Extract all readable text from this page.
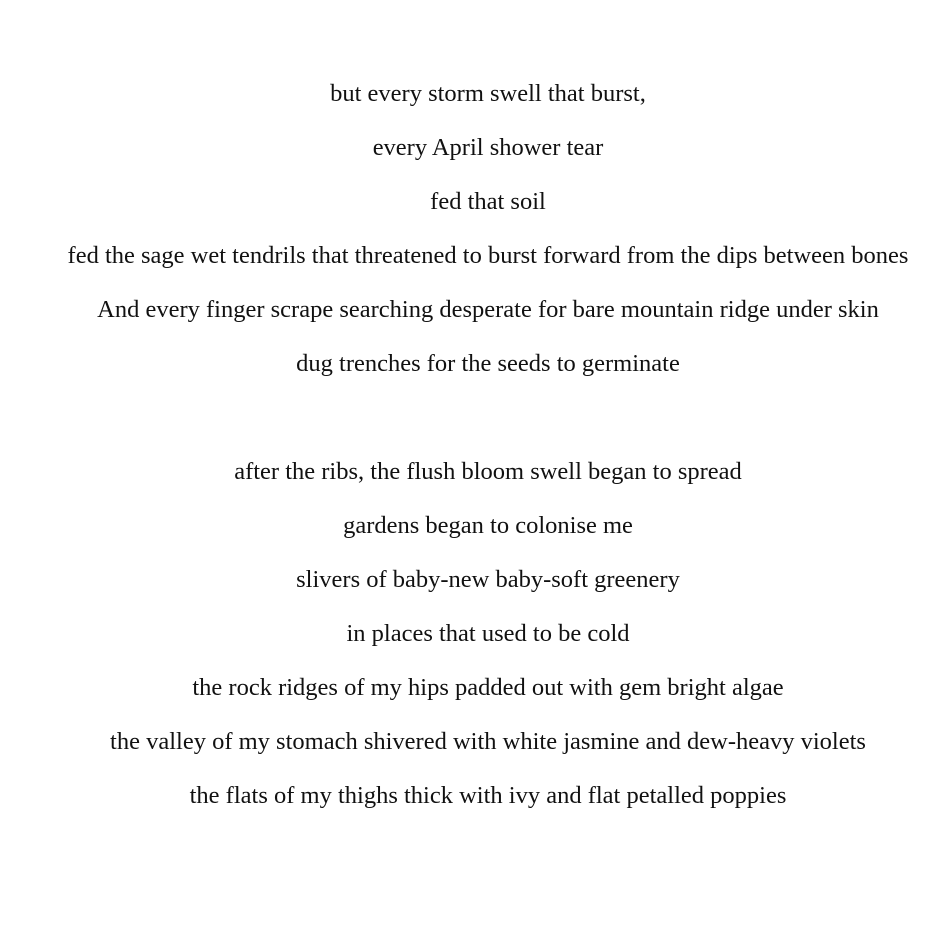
but every storm swell that burst,

every April shower tear

fed that soil

fed the sage wet tendrils that threatened to burst forward from the dips between bones

And every finger scrape searching desperate for bare mountain ridge under skin

dug trenches for the seeds to germinate

after the ribs, the flush bloom swell began to spread

gardens began to colonise me

slivers of baby-new baby-soft greenery

in places that used to be cold

the rock ridges of my hips padded out with gem bright algae

the valley of my stomach shivered with white jasmine and dew-heavy violets

the flats of my thighs thick with ivy and flat petalled poppies
